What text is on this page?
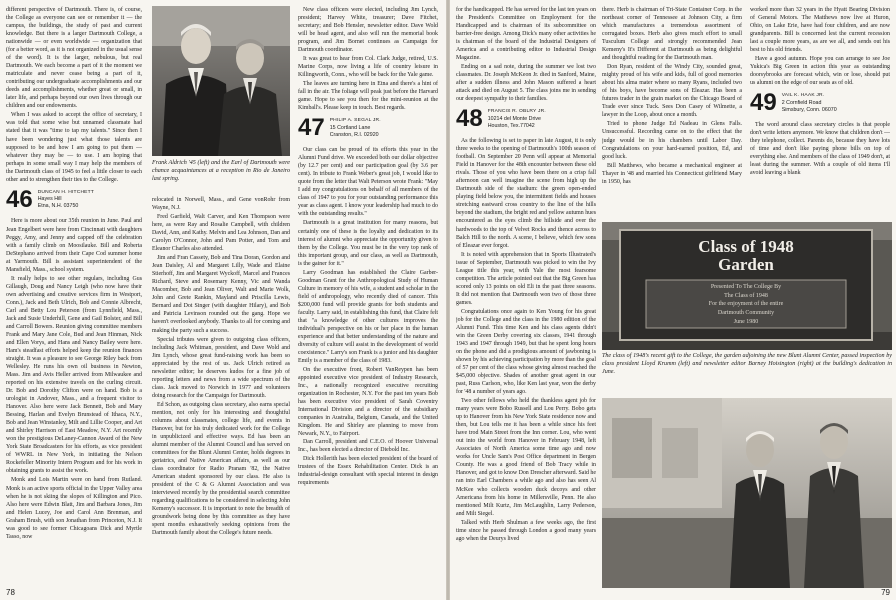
different perspective of Dartmouth. There is, of course, the College as everyone can see or remember it — the campus, the buildings, the study of past and current knowledge. But there is a larger Dartmouth College, a nationwide — or even worldwide — organization that (for a better word, as it is not organized in the usual sense of the word). It is the larger, nebulous, but real Dartmouth. We each become a part of it the moment we matriculate and never cease being a part of it, contributing our undergraduate accomplishments and our deeds and accomplishments, whether great or small, in later life, and perhaps beyond our own lives through our children and our endowments.

When I was asked to accept the office of secretary, I was told that some wise but unnamed classmate had stated that it was "time to tap my talents." Since then I have been wondering just what those talents are supposed to be and how I am going to put them — whatever they may be — to use. I am hoping that perhaps in some small way I may help the members of the Dartmouth class of 1945 to feel a little closer to each other and to strengthen their ties to the College.

46 DUNCAN H. HITCHETT
Hayes Hill
Etna, N.H. 03750

Here is more about our 35th reunion in June. Paul and Jean Engelbert were here from Cincinnati with daughters Peggy, Amy, and Jenny and capped off the celebration with a family climb on Moosilauke. Bill and Roberta DeStephano arrived from their Cape Cod summer home at Yarmouth. Bill is assistant superintendent of the Mansfield, Mass., school system.

It really helps to see other regulars, including Gus Gillaugh, Doug and Nancy Leigh (who now have their own advertising and creative services firm in Westport, Conn.), Jack and Beth Ulrich, Bob and Connie Albrecht, Carl and Betty Lou Peterson (from Lynnfield, Mass., Jack and Susie Underhill, Gene and Gail Bolster, and Bill and Carroll Bowers. Reunion giving committee members Frank and Mary Jane Cole, Bud and Jean Hinman, Nick and Ellen Vorys, and Hans and Nancy Bailey were here. Ham's steadfast efforts helped keep the reunion finances straight. It was a pleasure to see George Riley back from Wellesley. He runs his own oil business in Newton, Mass. Jim and Avis Heller arrived from Milwaukee and reported on his extensive travels on the curling circuit. Dr. Bob and Dorothy Clifton were on hand. Bob is a urologist in Andover, Mass., and a frequent visitor to Hanover. Also here were Jack Bennett, Bob and Mary Bessing, Harlan and Evelyn Brunstead of Ithaca, N.Y., Bob and Jean Winstanley, Milt and Lillie Cooper, and Art and Shirley Harrison of East Meadow, N.Y. Art recently won the prestigious DeLaney-Cannon Award of the New York State Broadcasters for his efforts, as vice president of WWRL in New York, in initiating the Nelson Rockefeller Minority Intern Program and for his work in obtaining grants to assist the work.

Monk and Lois Martin were on hand from Rutland. Monk is an active sports official in the Upper Valley area when he is not skiing the slopes of Killington and Pico. Also here were Edwin Blatt, Jim and Barbara Jones, Jim and Helen Lucey, Joe and Carol Ann Brenman, and Graham Brush, with son Jonathan from Princeton, N.J. It was good to see former Chicagoans Dick and Myrtle Tasso, now

Frank Aldrich '45 (left) and the Earl of Dartmouth were chance acquaintances at a reception in Rio de Janeiro last spring.

relocated in Norwell, Mass., and Gene vonRohr from Wayne, N.J.

Fred Garfield, Walt Carver, and Ken Thompson were here, as were Ray and Rosalie Campbell, with children David, Ann, and Kathy. Melvin and Lea Johnson, Dan and Carolyn O'Connor, John and Pam Potter, and Tom and Eleanor Charles also attended.

Jim and Fran Cassety, Bob and Tina Doran, Gordon and Jean Daisley, Al and Margaret Lilly, Wade and Elaine Stierhoff, Jim and Margaret Wyckoff, Marcel and Frances Richard, Steve and Rosemary Kenny, Vic and Wanda Macomber, Bob and Jean Oliver, Walt and Marie Wolk, John and Grete Rankin, Mayland and Priscilla Lewis, Bernard and Dot Singer (with daughter Hilary), and Bob and Patricia Levinson rounded out the gang. Hope we haven't overlooked anybody. Thanks to all for coming and making the party such a success.

Special tributes were given to outgoing class officers, including Jack Whitman, president, and Dave Wold and Jim Lynch, whose great fund-raising work has been so appreciated by the rest of us. Jack Ulrich retired as newsletter editor; he deserves kudos for a fine job of reporting letters and news from a wide spectrum of the class. Jack moved to Norwich in 1977 and volunteers doing research for the Campaign for Dartmouth.

Ed Schon, as outgoing class secretary, also earns special mention, not only for his interesting and thoughtful columns about classmates, college life, and events in Hanover, but for his truly dedicated work for the College in unpublicized and effective ways. Ed has been an alumni member of the Alumni Council and has served on committees for the Blunt Alumni Center, holds degrees in geriatrics, and Native American affairs, as well as our class coordinator for Radio Pranam '82, the Native American student sponsored by our class. He also is president of the C & G Alumni Association and was interviewed recently by the presidential search committee regarding qualifications to be considered in selecting John Kemeny's successor. It is important to note the breadth of groundwork being done by this committee as they have spent months exhaustively seeking opinions from the Dartmouth family about the College's future needs.

New class officers were elected, including Jim Lynch, president; Harvey White, treasurer; Dave Fitchet, secretary; and Bob Hensler, newsletter editor. Dave Wold will be head agent, and also will run the memorial book program, and Jim Bornet continues as Campaign for Dartmouth coordinator.

It was great to hear from Col. Clark Judge, retired, U.S. Marine Corps, now living a life of country leisure in Killingworth, Conn., who will be back for the Yale game.

The leaves are turning here in Etna and there's a hint of fall in the air. The foliage will peak just before the Harvard game. Hope to see you then for the mini-reunion at the Kimball's. Please keep in touch. Best regards.

47 PHILIP A. SEGAL JR.
15 Cortland Lane
Cranston, R.I. 02920

Our class can be proud of its efforts this year in the Alumni Fund drive. We exceeded both our dollar objective (by 12.7 per cent) and our participation goal (by 3.6 per cent). In tribute to Frank Weber's great job, I would like to quote from the letter that Walt Peterson wrote Frank: "May I add my congratulations on behalf of all members of the class of 1947 to you for your outstanding performance this year as class agent. I know your leadership had much to do with the outstanding results."

Dartmouth is a great institution for many reasons, but certainly one of these is the loyalty and dedication to its interest of alumni who appreciate the opportunity given to them by the College. You must be in the very top rank of this important group, and our class, as well as Dartmouth, is the gainer for it."

Larry Goodman has established the Claire Garber-Goodman Grant for the Anthropological Study of Human Culture in memory of his wife, a student and scholar in the field of anthropology, who recently died of cancer. This $200,000 fund will provide grants for both students and faculty. Larry said, in establishing this fund, that Claire felt that "a knowledge of other cultures improves the individual's perspective on his or her place in the human experience and that better understanding of the nature and diversity of culture will assist in the development of world coexistence." Larry's son Frank is a junior and his daughter Emily is a member of the class of 1983.

On the executive front, Robert VanReypen has been appointed executive vice president of Industry Research, Inc., a nationally recognized executive recruiting organization in Rochester, N.Y. For the past ten years Bob has been executive vice president of Sarah Coventry International Division and a director of the subsidiary companies in Australia, Belgium, Canada, and the United Kingdom. He and Shirley are planning to move from Newark, N.Y., to Fairport.

Dan Carroll, president and C.E.O. of Hoover Universal Inc., has been elected a director of Diebold Inc.

Dick Hollerith has been elected president of the board of trustees of the Essex Rehabilitation Center. Dick is an industrial-design consultant with special interest in design requirements

78

for the handicapped. He has served for the last ten years on the President's Committee on Employment for the Handicapped and is chairman of its subcommittee on barrier-free design. Among Dick's many other activities he is chairman of the board of the Industrial Designers of America and a contributing editor to Industrial Design Magazine.

Ending on a sad note, during the summer we lost two classmates. Dr. Joseph McKeon Jr. died in Sanford, Maine, after a sudden illness and John Mason suffered a heart attack and died on August 5. The class joins me in sending our deepest sympathy to their families.

48 FRANCIS R. OBLRY JR.
10214 del Monte Drive
Houston, Tex.77042

As the following is set to paper in late August, it is only three weeks to the opening of Dartmouth's 100th season of football. On September 20 Penn will appear at Memorial Field in Hanover for the 48th encounter between these old rivals. Those of you who have been there on a crisp fall afternoon can well imagine the scene from high up the Dartmouth side of the stadium: the green open-ended playing field below you, the intermittent fields and houses stretching eastward cross country to the line of the hills beyond the stadium, the bright red and yellow autumn hues encountered as the eyes climb the hillside and over the hardwoods to the top of Velvet Rocks and thence across to Balch Hill to the north. A scene, I believe, which few sons of Eleazar ever forgot.

It is noted with apprehension that in Sports Illustrated's issue of September, Dartmouth was picked to win the Ivy League title this year, with Yale the most fearsome competition. The article pointed out that the Big Green has scored only 13 points on old Eli in the past three seasons. It did not mention that Dartmouth won two of those three games.

Congratulations once again to Ken Young for his great job for the College and the class in the 1980 edition of the Alumni Fund. This time Ken and his class agents didn't win the Green Derby covering six classes, 1941 through 1943 and 1947 through 1949, but that he spent long hours on the phone and did a prodigious amount of jawboning is shown by his achieving participation by more than the goal of 57 per cent of the class whose giving almost reached the $45,000 objective. Shades of another great agent in our past, Russ Carlson, who, like Ken last year, won the derby for '48 a number of years ago.

Two other fellows who held the thankless agent job for many years were Bobo Russell and Lou Perry. Bobo gets up to Hanover from his New York State residence now and then, but Lou tells me it has been a while since his feet have trod Main Street from the Inn corner. Lou, who went out into the world from Hanover in February 1948, left Associates of North America some time ago and now works for Uncle Sam's Post Office department in Bergen County. He was a good friend of Bob Tracy while in Hanover, and got to know Don Drescher afterward. Said he ran into Earl Chambers a while ago and also has seen Al McKee who collects wooden duck decoys and other Americana from his home in Millersville, Penn. He also mentioned Milt Kurtz, Jim McLaughlin, Larry Pederson, and Milt Siegel.

Talked with Herb Shulman a few weeks ago, the first time since he passed through London a good many years ago when the Deurys lived

there. Herb is chairman of Tri-State Container Corp. in the northeast corner of Tennessee at Johnson City, a firm which manufactures a tremendous assortment of corrugated boxes. Herb also gives much effort to small Tusculum College and strongly recommended Jean Kemeny's It's Different at Dartmouth as being delightful and thoughtful reading for the Dartmouth man.

Don Ryan, resident of the Windy City, sounded great, mighty proud of his wife and kids, full of good memories about his alma mater where so many Ryans, included two of his boys, have become sons of Eleazar. Has been a futures trader in the grain market on the Chicago Board of Trade ever since Tuck. Sees Don Casey of Wilmette, a lawyer in the Loop, about once a month.

Tried to phone Judge Ed Nadeau in Glens Falls. Unsuccessful. Recording came on to the effect that the judge would be in his chambers until Labor Day. Congratulations on your hard-earned position, Ed, and good luck.

Bill Matthews, who became a mechanical engineer at Thayer in '48 and married his Connecticut girlfriend Mary in 1950, has

worked more than 32 years in the Hyatt Bearing Division of General Motors. The Matthews now live at Huron, Ohio, on Lake Erie, have had four children, and are now grandparents. Bill is concerned lest the current recession last a couple more years, as are we all, and sends out his best to his old friends.

Have a good autumn. Hope you can arrange to see Joe Yukica's Big Green in action this year as outstanding doorsybrooks are forecast which, win or lose, should put us alumni on the edge of our seats as of old.

49 VAIL K. HAAK JR.
2 Cornfield Road
Simsbury, Conn. 06070

The word around class secretary circles is that people don't write letters anymore. We know that children don't — they telephone, collect. Parents do, because they have lots of time and don't like paying phone bills on top of everything else. And members of the class of 1949 don't, at least during the summer. With a couple of old items I'll avoid leaving a blank

Class of 1948
Garden
Presented To The College By
The Class of 1948
For the enjoyment of the entire
Dartmouth Community
June 1980
The class of 1948's recent gift to the College, the garden adjoining the new Blunt Alumni Center, passed inspection by class president Lloyd Krumm (left) and newsletter editor Barney Hoisington (right) at the building's dedication in June.
79
